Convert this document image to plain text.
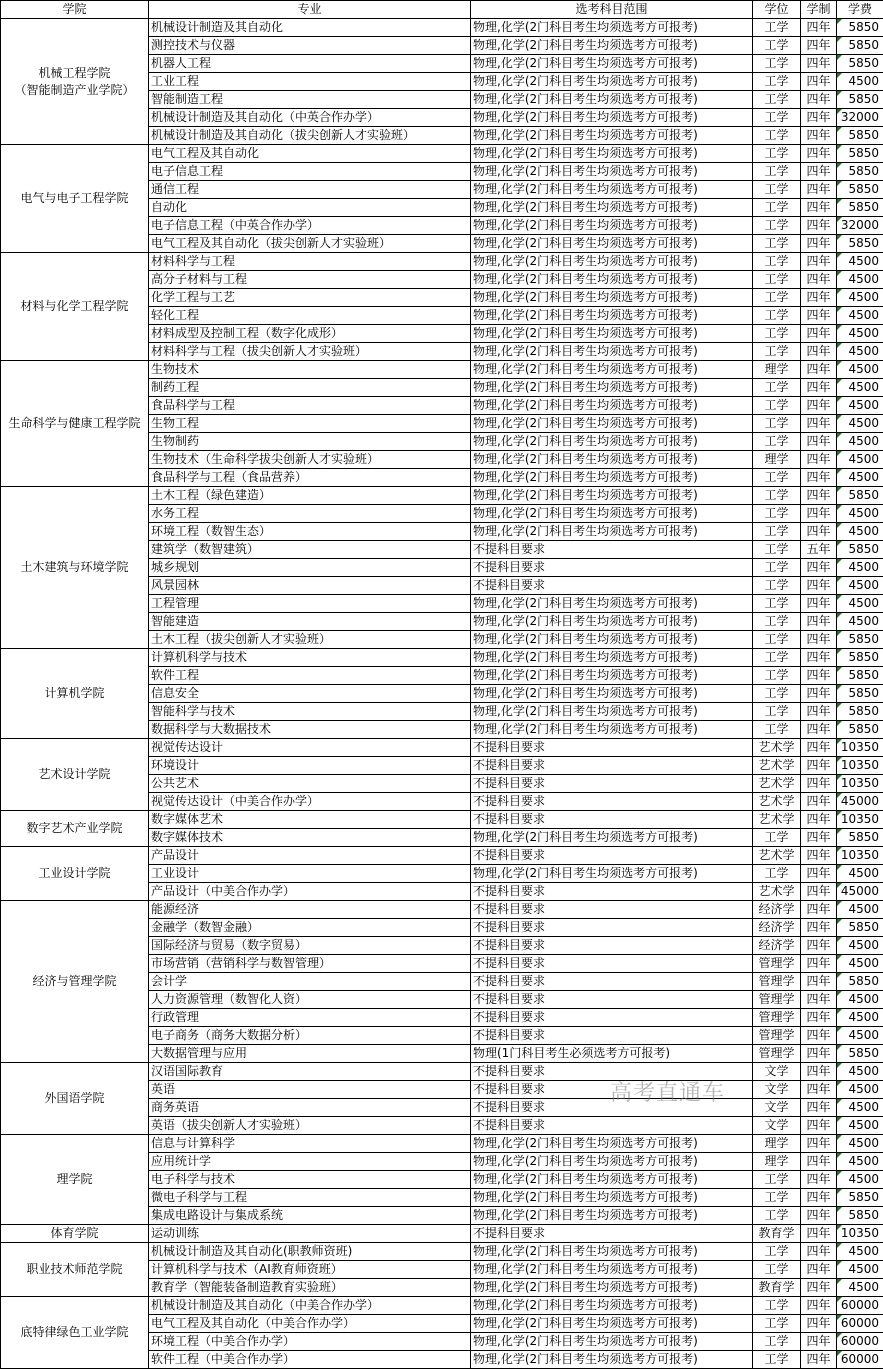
学院	专业	选考科目范围	学位	学制	学费

机械工程学院
（智能制造产业学院）	机械设计制造及其自动化	物理,化学(2门科目考生均须选考方可报考)	工学	四年	5850
	测控技术与仪器	物理,化学(2门科目考生均须选考方可报考)	工学	四年	5850
	机器人工程	物理,化学(2门科目考生均须选考方可报考)	工学	四年	5850
	工业工程	物理,化学(2门科目考生均须选考方可报考)	工学	四年	4500
	智能制造工程	物理,化学(2门科目考生均须选考方可报考)	工学	四年	5850
	机械设计制造及其自动化（中英合作办学）	物理,化学(2门科目考生均须选考方可报考)	工学	四年	32000
	机械设计制造及其自动化（拔尖创新人才实验班）	物理,化学(2门科目考生均须选考方可报考)	工学	四年	5850

电气与电子工程学院	电气工程及其自动化	物理,化学(2门科目考生均须选考方可报考)	工学	四年	5850
	电子信息工程	物理,化学(2门科目考生均须选考方可报考)	工学	四年	5850
	通信工程	物理,化学(2门科目考生均须选考方可报考)	工学	四年	5850
	自动化	物理,化学(2门科目考生均须选考方可报考)	工学	四年	5850
	电子信息工程（中英合作办学）	物理,化学(2门科目考生均须选考方可报考)	工学	四年	32000
	电气工程及其自动化（拔尖创新人才实验班）	物理,化学(2门科目考生均须选考方可报考)	工学	四年	5850

材料与化学工程学院	材料科学与工程	物理,化学(2门科目考生均须选考方可报考)	工学	四年	4500
	高分子材料与工程	物理,化学(2门科目考生均须选考方可报考)	工学	四年	4500
	化学工程与工艺	物理,化学(2门科目考生均须选考方可报考)	工学	四年	4500
	轻化工程	物理,化学(2门科目考生均须选考方可报考)	工学	四年	4500
	材料成型及控制工程（数字化成形）	物理,化学(2门科目考生均须选考方可报考)	工学	四年	4500
	材料科学与工程（拔尖创新人才实验班）	物理,化学(2门科目考生均须选考方可报考)	工学	四年	4500

生命科学与健康工程学院	生物技术	物理,化学(2门科目考生均须选考方可报考)	理学	四年	4500
	制药工程	物理,化学(2门科目考生均须选考方可报考)	工学	四年	4500
	食品科学与工程	物理,化学(2门科目考生均须选考方可报考)	工学	四年	4500
	生物工程	物理,化学(2门科目考生均须选考方可报考)	工学	四年	4500
	生物制药	物理,化学(2门科目考生均须选考方可报考)	工学	四年	4500
	生物技术（生命科学拔尖创新人才实验班）	物理,化学(2门科目考生均须选考方可报考)	理学	四年	4500
	食品科学与工程（食品营养）	物理,化学(2门科目考生均须选考方可报考)	工学	四年	4500

土木建筑与环境学院	土木工程（绿色建造）	物理,化学(2门科目考生均须选考方可报考)	工学	四年	5850
	水务工程	物理,化学(2门科目考生均须选考方可报考)	工学	四年	4500
	环境工程（数智生态）	物理,化学(2门科目考生均须选考方可报考)	工学	四年	4500
	建筑学（数智建筑）	不提科目要求	工学	五年	5850
	城乡规划	不提科目要求	工学	四年	4500
	风景园林	不提科目要求	工学	四年	4500
	工程管理	物理,化学(2门科目考生均须选考方可报考)	工学	四年	4500
	智能建造	物理,化学(2门科目考生均须选考方可报考)	工学	四年	4500
	土木工程（拔尖创新人才实验班）	物理,化学(2门科目考生均须选考方可报考)	工学	四年	5850

计算机学院	计算机科学与技术	物理,化学(2门科目考生均须选考方可报考)	工学	四年	5850
	软件工程	物理,化学(2门科目考生均须选考方可报考)	工学	四年	5850
	信息安全	物理,化学(2门科目考生均须选考方可报考)	工学	四年	5850
	智能科学与技术	物理,化学(2门科目考生均须选考方可报考)	工学	四年	5850
	数据科学与大数据技术	物理,化学(2门科目考生均须选考方可报考)	工学	四年	5850

艺术设计学院	视觉传达设计	不提科目要求	艺术学	四年	10350
	环境设计	不提科目要求	艺术学	四年	10350
	公共艺术	不提科目要求	艺术学	四年	10350
	视觉传达设计（中美合作办学）	不提科目要求	艺术学	四年	45000

数字艺术产业学院	数字媒体艺术	不提科目要求	艺术学	四年	10350
	数字媒体技术	物理,化学(2门科目考生均须选考方可报考)	工学	四年	5850

工业设计学院	产品设计	不提科目要求	艺术学	四年	10350
	工业设计	物理,化学(2门科目考生均须选考方可报考)	工学	四年	4500
	产品设计（中美合作办学）	不提科目要求	艺术学	四年	45000

经济与管理学院	能源经济	不提科目要求	经济学	四年	4500
	金融学（数智金融）	不提科目要求	经济学	四年	5850
	国际经济与贸易（数字贸易）	不提科目要求	经济学	四年	4500
	市场营销（营销科学与数智管理）	不提科目要求	管理学	四年	4500
	会计学	不提科目要求	管理学	四年	5850
	人力资源管理（数智化人资）	不提科目要求	管理学	四年	4500
	行政管理	不提科目要求	管理学	四年	4500
	电子商务（商务大数据分析）	不提科目要求	管理学	四年	4500
	大数据管理与应用	物理(1门科目考生必须选考方可报考)	管理学	四年	5850

外国语学院	汉语国际教育	不提科目要求	文学	四年	4500
	英语	不提科目要求	文学	四年	4500
	商务英语	不提科目要求	文学	四年	4500
	英语（拔尖创新人才实验班）	不提科目要求	文学	四年	4500

理学院	信息与计算科学	物理,化学(2门科目考生均须选考方可报考)	理学	四年	4500
	应用统计学	物理,化学(2门科目考生均须选考方可报考)	理学	四年	4500
	电子科学与技术	物理,化学(2门科目考生均须选考方可报考)	工学	四年	4500
	微电子科学与工程	物理,化学(2门科目考生均须选考方可报考)	工学	四年	5850
	集成电路设计与集成系统	物理,化学(2门科目考生均须选考方可报考)	工学	四年	5850

体育学院	运动训练	不提科目要求	教育学	四年	10350

职业技术师范学院	机械设计制造及其自动化(职教师资班)	物理,化学(2门科目考生均须选考方可报考)	工学	四年	4500
	计算机科学与技术（AI教育师资班）	物理,化学(2门科目考生均须选考方可报考)	工学	四年	4500
	教育学（智能装备制造教育实验班）	物理,化学(2门科目考生均须选考方可报考)	教育学	四年	4500

底特律绿色工业学院	机械设计制造及其自动化（中美合作办学）	物理,化学(2门科目考生均须选考方可报考)	工学	四年	60000
	电气工程及其自动化（中美合作办学）	物理,化学(2门科目考生均须选考方可报考)	工学	四年	60000
	环境工程（中美合作办学）	物理,化学(2门科目考生均须选考方可报考)	工学	四年	60000
	软件工程（中美合作办学）	物理,化学(2门科目考生均须选考方可报考)	工学	四年	60000
高考直通车
